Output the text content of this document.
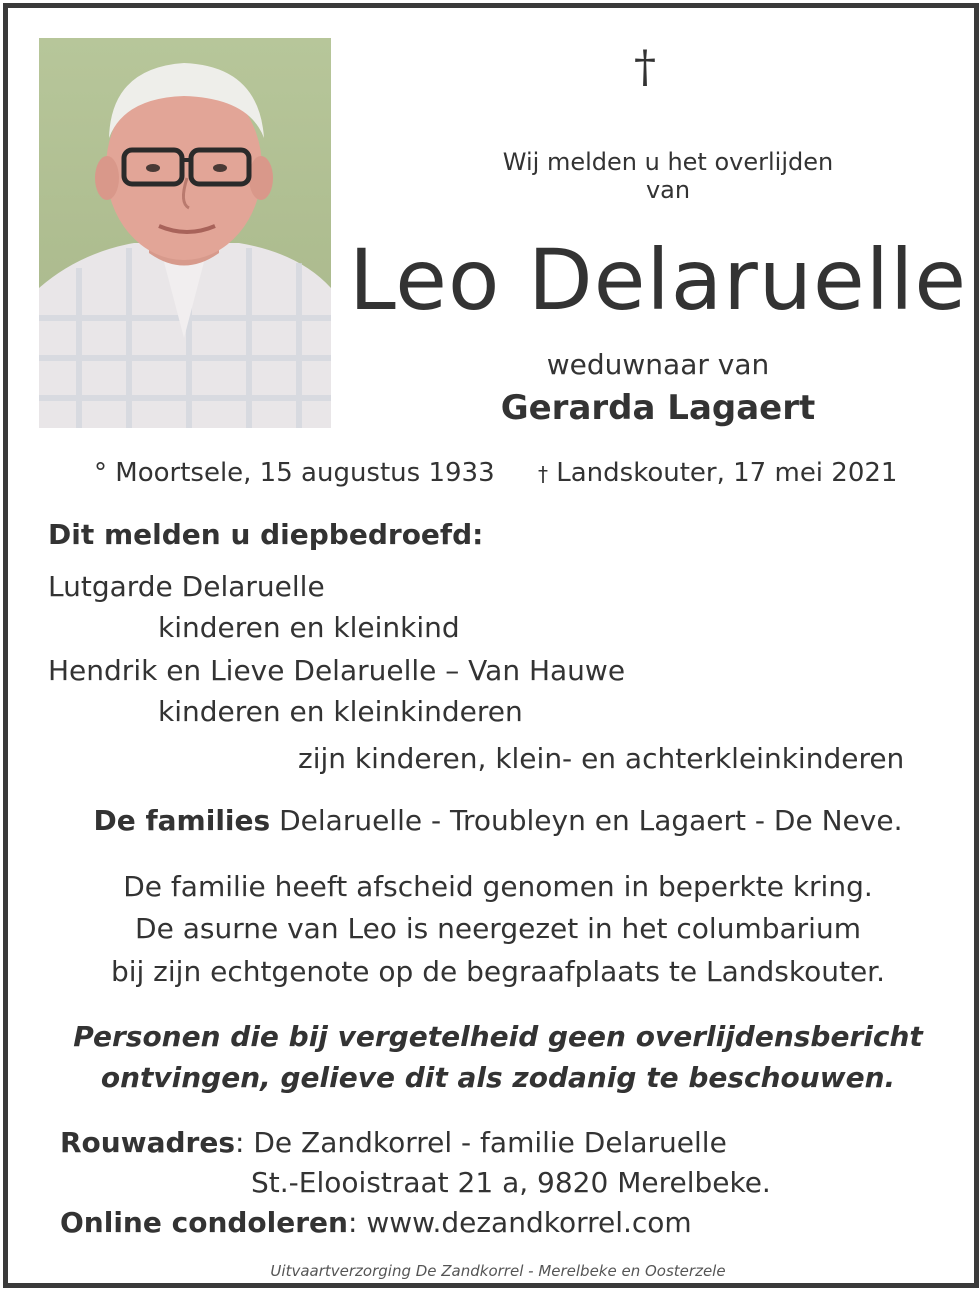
†
Wij melden u het overlijden van
Leo Delaruelle
weduwnaar van
Gerarda Lagaert
° Moortsele, 15 augustus 1933 † Landskouter, 17 mei 2021
Dit melden u diepbedroefd:
Lutgarde Delaruelle
kinderen en kleinkind
Hendrik en Lieve Delaruelle – Van Hauwe
kinderen en kleinkinderen
zijn kinderen, klein- en achterkleinkinderen
De families Delaruelle - Troubleyn en Lagaert - De Neve.
De familie heeft afscheid genomen in beperkte kring.
De asurne van Leo is neergezet in het columbarium
bij zijn echtgenote op de begraafplaats te Landskouter.
Personen die bij vergetelheid geen overlijdensbericht
ontvingen, gelieve dit als zodanig te beschouwen.
Rouwadres: De Zandkorrel - familie Delaruelle
St.-Elooistraat 21 a, 9820 Merelbeke.
Online condoleren: www.dezandkorrel.com
Uitvaartverzorging De Zandkorrel - Merelbeke en Oosterzele
